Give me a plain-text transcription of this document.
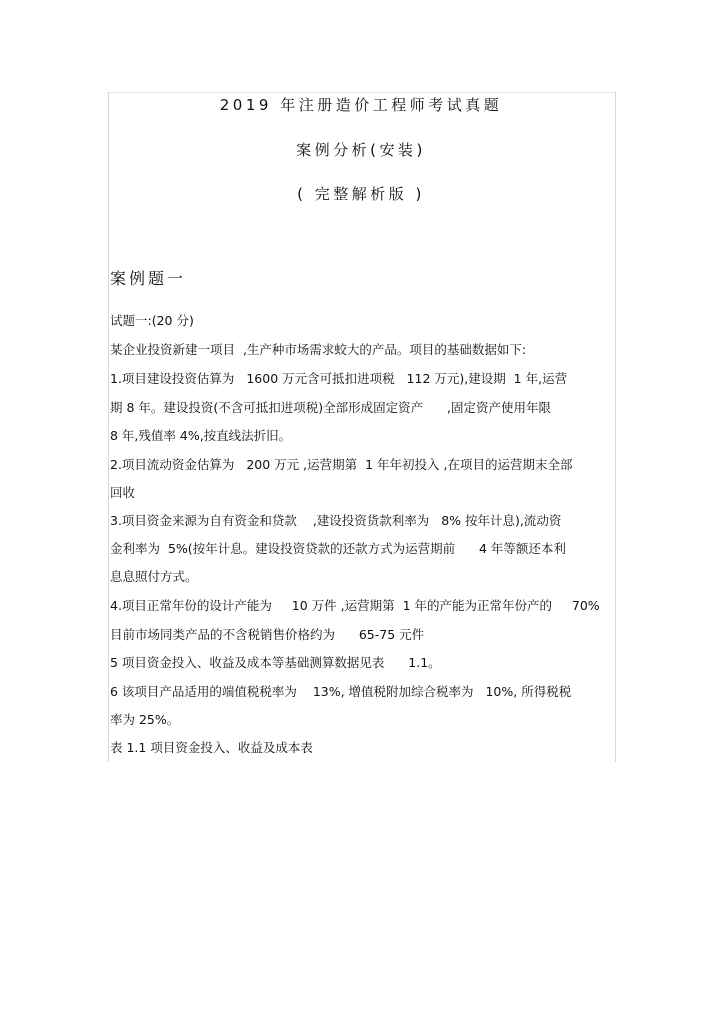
2019 年注册造价工程师考试真题
案例分析(安装)
( 完整解析版 )
案例题一
试题一:(20 分)
某企业投资新建一项目  ,生产种市场需求蛟大的产品。项目的基础数据如下:
1.项目建设投资估算为   1600 万元含可抵扣进项税   112 万元),建设期  1 年,运营
期 8 年。建设投资(不含可抵扣进项税)全部形成固定资产      ,固定资产使用年限
8 年,残值率 4%,按直线法折旧。
2.项目流动资金估算为   200 万元 ,运营期第  1 年年初投入 ,在项目的运营期末全部
回收
3.项目资金来源为自有资金和贷款    ,建设投资货款利率为   8% 按年计息),流动资
金利率为  5%(按年计息。建设投资贷款的还款方式为运营期前      4 年等额还本利
息息照付方式。
4.项目正常年份的设计产能为     10 万件 ,运营期第  1 年的产能为正常年份产的     70%
目前市场同类产品的不含税销售价格约为      65-75 元件
5 项目资金投入、收益及成本等基础测算数据见表      1.1。
6 该项目产品适用的端值税税率为    13%, 增值税附加综合税率为   10%, 所得税税
率为 25%。
表 1.1 项目资金投入、收益及成本表
